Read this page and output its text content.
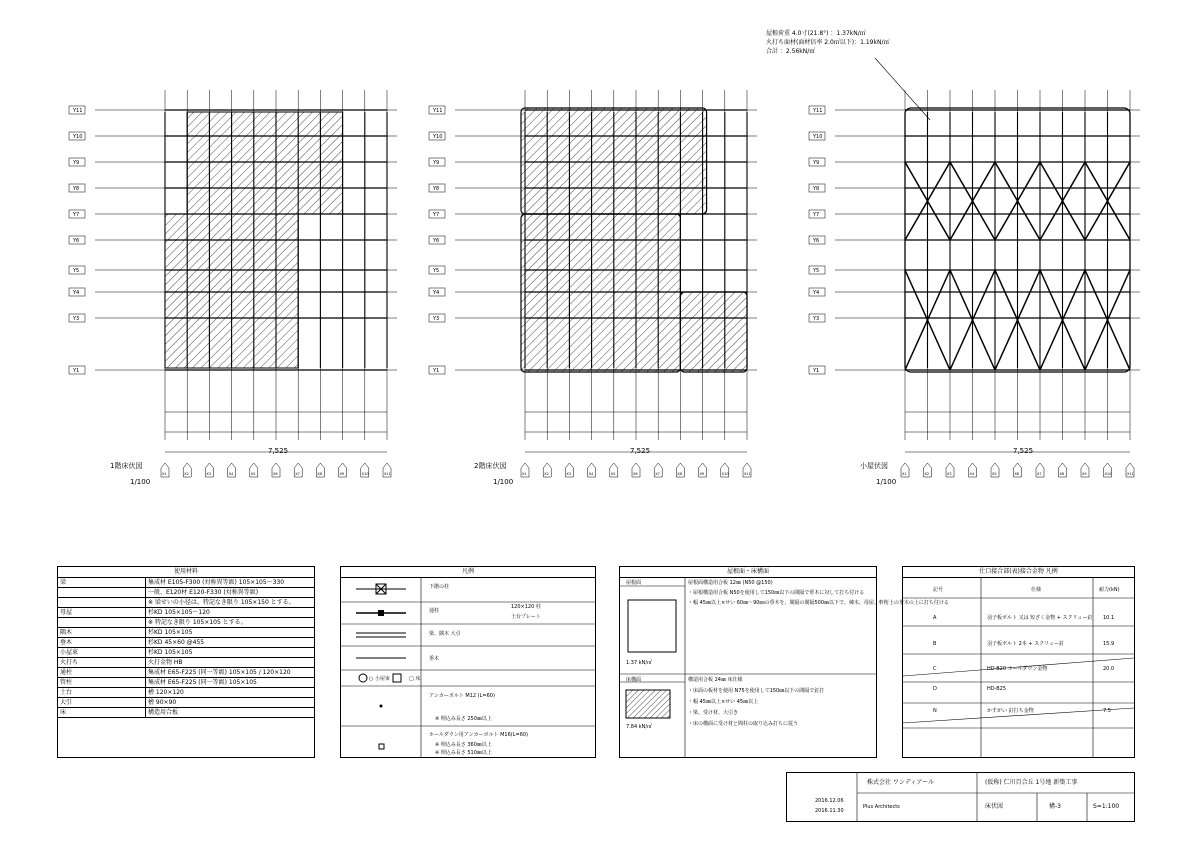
Y11
Y10
Y9
Y8
Y7
Y6
Y5
Y4
Y3
Y1
X1	X2	X3	X4	X5	X6	X7	X8	X9	X10	X11
Y11
Y10
Y9
Y8
Y7
Y6
Y5
Y4
Y3
Y1
X1	X2	X3	X4	X5	X6	X7	X8	X9	X10	X11
Y11
Y10
Y9
Y8
Y7
Y6
Y5
Y4
Y3
Y1
X1	X2	X3	X4	X5	X6	X7	X8	X9	X10	X11
1階床伏図
1/100
7,525
2階床伏図
1/100
7,525
小屋伏図
1/100
7,525
屋根荷重 4.0寸(21.8°) ：1.37kN/㎡
火打ち面材(面材倍率 2.0㎡以下)：1.19kN/㎡
合計 ：2.56kN/㎡
使用材料
梁	集成材 E105-F300 (対称異等級) 105×105～330
一般、E120材 E120-F330 (対称異等級)
※ 梁せいの小径は、特記なき限り 105×150 とする。
母屋	杉KD 105×105～120
※ 特記なき限り 105×105 とする。
隅木	杉KD 105×105
垂木	杉KD 45×60 @455
小屋束	杉KD 105×105
火打ち	火打金物 HB
通柱	集成材 E65-F225 (同一等級) 105×105 / 120×120
管柱	集成材 E65-F225 (同一等級) 105×105
土台	檜 120×120
大引	檜 90×90
床	構造用合板
凡例
下階の柱
通柱
120×120 柱
土台プレート
梁、隅木 大引
垂木
○ 小屋束	□ 床
アンカーボルト M12 (L=60)
※ 埋込み長さ 250㎜以上
ホールダウン用アンカーボルト M16(L=60)
※ 埋込み長さ 360㎜以上
※ 埋込み長さ 510㎜以上
屋根面・床構面
屋根面
1.37 kN/㎡
屋根面構造用合板 12㎜ (N50 @150)
・屋根構造用合板 N50を使用して150㎜以下の間隔で垂木に対して打ち付ける
・幅 45㎜以上×せい 60㎜～90㎜の垂木を、間隔の間隔500㎜以下で、棟木、母屋、軒桁上の垂木の上に打ち付ける
床構面
7.84 kN/㎡
構造用合板 24㎜ 床仕様
・床面の板材を使用 N75を使用して150㎜以下の間隔で釘打
・幅 45㎜以上×せい 45㎜以上
・梁、受け材、大引き
・床の構面に受け材と間柱の取り込み打ちに従う
仕口接合部(表)接合金物 凡例
記号	仕様	耐力(kN)
A	羽子板ボルト 又は 短ざく金物 + スクリュー釘 10.1
B	羽子板ボルト 2本 + スクリュー釘	15.9
C	HD-B20 ホールダウン金物	20.0
D	HD-B25
N	かすがい 釘打ち金物	7.5
株式会社 ワンディアール	(仮称) 仁川百合丘 1号地 新築工事
2016.12.06
2016.11.30
Plus Architects	床伏図	構-3	S=1:100
